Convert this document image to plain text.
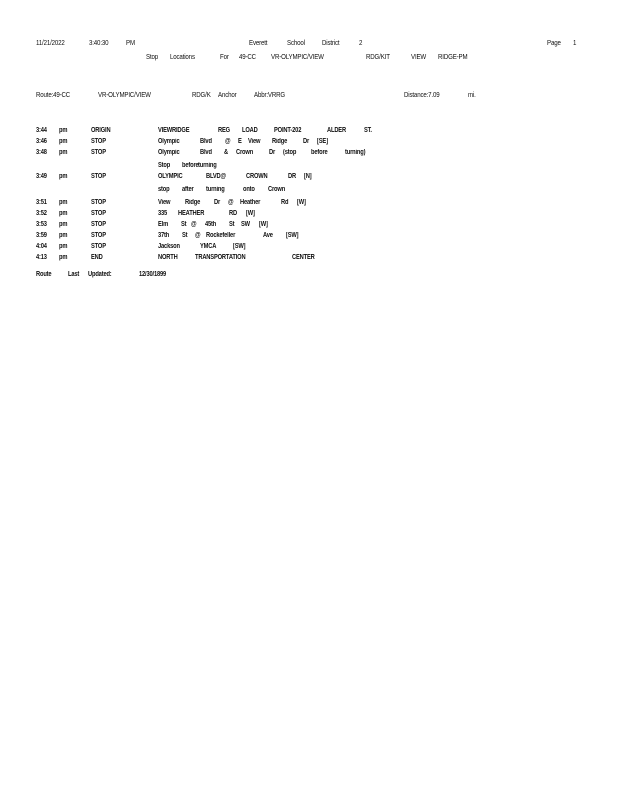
11/21/2022	3:40:30 PM	Everett	School District	2	Page 1
Stop Locations	For 49-CC VR-OLYMPIC/VIEW	RDG/KIT	VIEW RIDGE-PM
Route:49-CC	VR-OLYMPIC/VIEW	RDG/K Anchor Abbr:VRRG	Distance:7.09	mi.
3:44 pm	ORIGIN	VIEWRIDGE	REG LOAD POINT-202	ALDER	ST.
3:46 pm	STOP	Olympic	Blvd @ E View Ridge Dr [SE]
3:48 pm	STOP	Olympic	Blvd & Crown Dr (stop before turning)
Stop before turning
3:49 pm	STOP	OLYMPIC	BLVD@	CROWN	DR [N]
stop after turning	onto Crown
3:51 pm	STOP	View Ridge Dr @ Heather	Rd [W]
3:52 pm	STOP	335 HEATHER	RD [W]
3:53 pm	STOP	Elm St @ 45th St SW [W]
3:59 pm	STOP	37th St @ Rockefeller	Ave [SW]
4:04 pm	STOP	Jackson	YMCA [SW]
4:13 pm	END	NORTH TRANSPORTATION	CENTER
Route Last Updated:	12/30/1899
